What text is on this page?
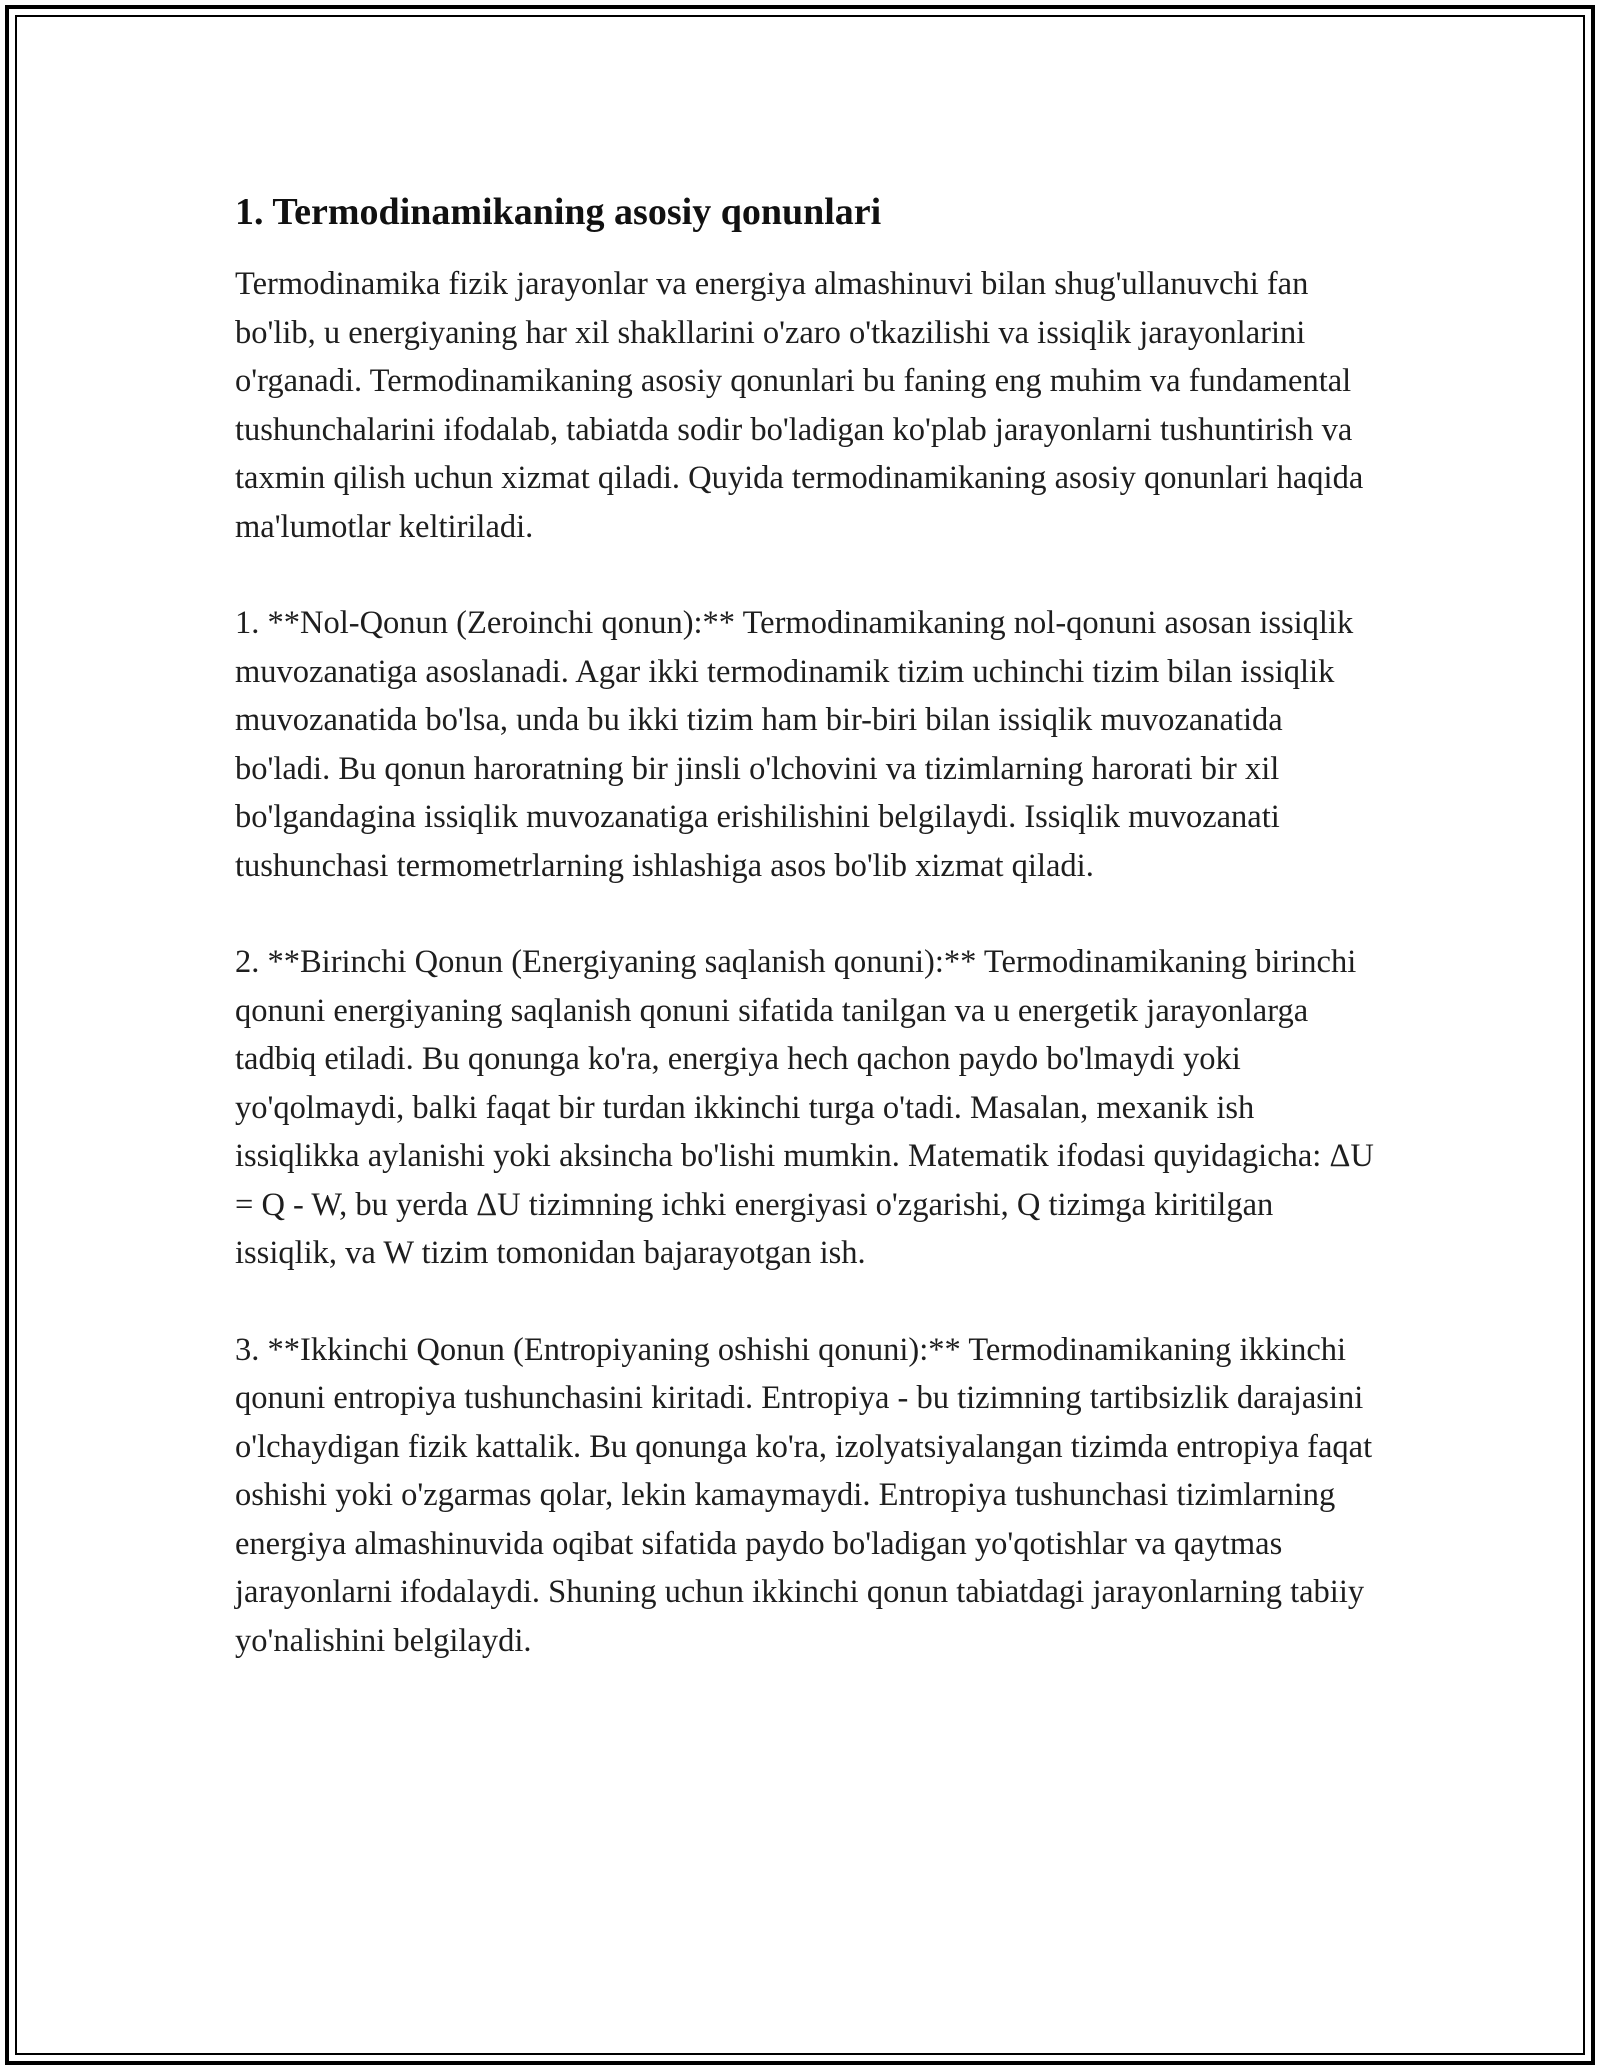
1. Termodinamikaning asosiy qonunlari

Termodinamika fizik jarayonlar va energiya almashinuvi bilan shug'ullanuvchi fan bo'lib, u energiyaning har xil shakllarini o'zaro o'tkazilishi va issiqlik jarayonlarini o'rganadi. Termodinamikaning asosiy qonunlari bu faning eng muhim va fundamental tushunchalarini ifodalab, tabiatda sodir bo'ladigan ko'plab jarayonlarni tushuntirish va taxmin qilish uchun xizmat qiladi. Quyida termodinamikaning asosiy qonunlari haqida ma'lumotlar keltiriladi.

1. **Nol-Qonun (Zeroinchi qonun):** Termodinamikaning nol-qonuni asosan issiqlik muvozanatiga asoslanadi. Agar ikki termodinamik tizim uchinchi tizim bilan issiqlik muvozanatida bo'lsa, unda bu ikki tizim ham bir-biri bilan issiqlik muvozanatida bo'ladi. Bu qonun haroratning bir jinsli o'lchovini va tizimlarning harorati bir xil bo'lgandagina issiqlik muvozanatiga erishilishini belgilaydi. Issiqlik muvozanati tushunchasi termometrlarning ishlashiga asos bo'lib xizmat qiladi.

2. **Birinchi Qonun (Energiyaning saqlanish qonuni):** Termodinamikaning birinchi qonuni energiyaning saqlanish qonuni sifatida tanilgan va u energetik jarayonlarga tadbiq etiladi. Bu qonunga ko'ra, energiya hech qachon paydo bo'lmaydi yoki yo'qolmaydi, balki faqat bir turdan ikkinchi turga o'tadi. Masalan, mexanik ish issiqlikka aylanishi yoki aksincha bo'lishi mumkin. Matematik ifodasi quyidagicha: ΔU = Q - W, bu yerda ΔU tizimning ichki energiyasi o'zgarishi, Q tizimga kiritilgan issiqlik, va W tizim tomonidan bajarayotgan ish.

3. **Ikkinchi Qonun (Entropiyaning oshishi qonuni):** Termodinamikaning ikkinchi qonuni entropiya tushunchasini kiritadi. Entropiya - bu tizimning tartibsizlik darajasini o'lchaydigan fizik kattalik. Bu qonunga ko'ra, izolyatsiyalangan tizimda entropiya faqat oshishi yoki o'zgarmas qolar, lekin kamaymaydi. Entropiya tushunchasi tizimlarning energiya almashinuvida oqibat sifatida paydo bo'ladigan yo'qotishlar va qaytmas jarayonlarni ifodalaydi. Shuning uchun ikkinchi qonun tabiatdagi jarayonlarning tabiiy yo'nalishini belgilaydi.
